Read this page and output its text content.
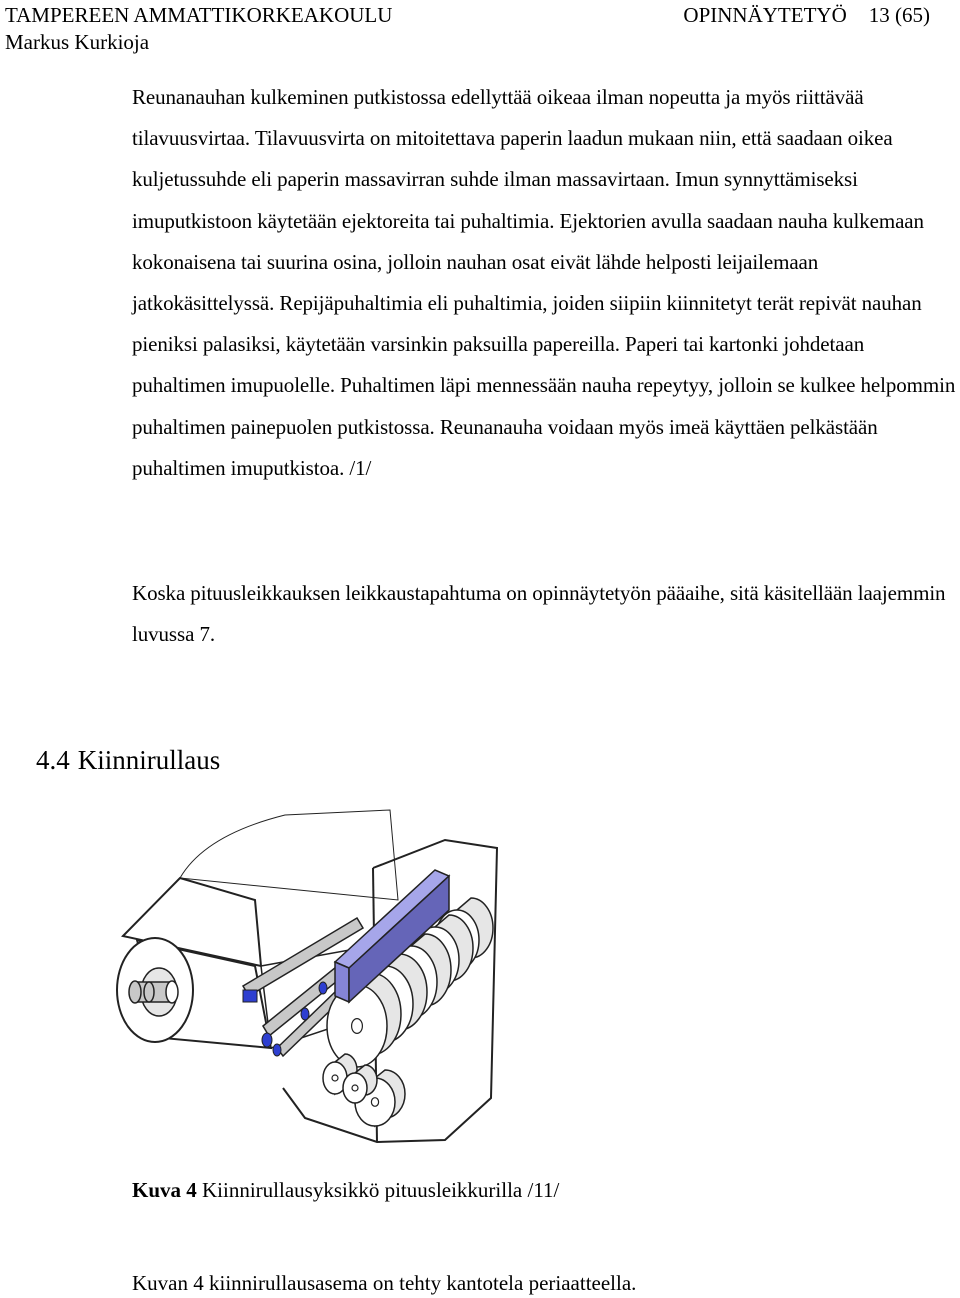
TAMPEREEN AMMATTIKORKEAKOULU	OPINNÄYTETYÖ 13 (65)
Markus Kurkioja

Reunanauhan kulkeminen putkistossa edellyttää oikeaa ilman nopeutta ja myös riittävää tilavuusvirtaa. Tilavuusvirta on mitoitettava paperin laadun mukaan niin, että saadaan oikea kuljetussuhde eli paperin massavirran suhde ilman massavirtaan. Imun synnyttämiseksi imuputkistoon käytetään ejektoreita tai puhaltimia. Ejektorien avulla saadaan nauha kulkemaan kokonaisena tai suurina osina, jolloin nauhan osat eivät lähde helposti leijailemaan jatkokäsittelyssä. Repijäpuhaltimia eli puhaltimia, joiden siipiin kiinnitetyt terät repivät nauhan pieniksi palasiksi, käytetään varsinkin paksuilla papereilla. Paperi tai kartonki johdetaan puhaltimen imupuolelle. Puhaltimen läpi mennessään nauha repeytyy, jolloin se kulkee helpommin puhaltimen painepuolen putkistossa. Reunanauha voidaan myös imeä käyttäen pelkästään puhaltimen imuputkistoa. /1/

Koska pituusleikkauksen leikkaustapahtuma on opinnäytetyön pääaihe, sitä käsitellään laajemmin luvussa 7.

4.4 Kiinnirullaus

Kuva 4 Kiinnirullausyksikkö pituusleikkurilla /11/

Kuvan 4 kiinnirullausasema on tehty kantotela periaatteella.
